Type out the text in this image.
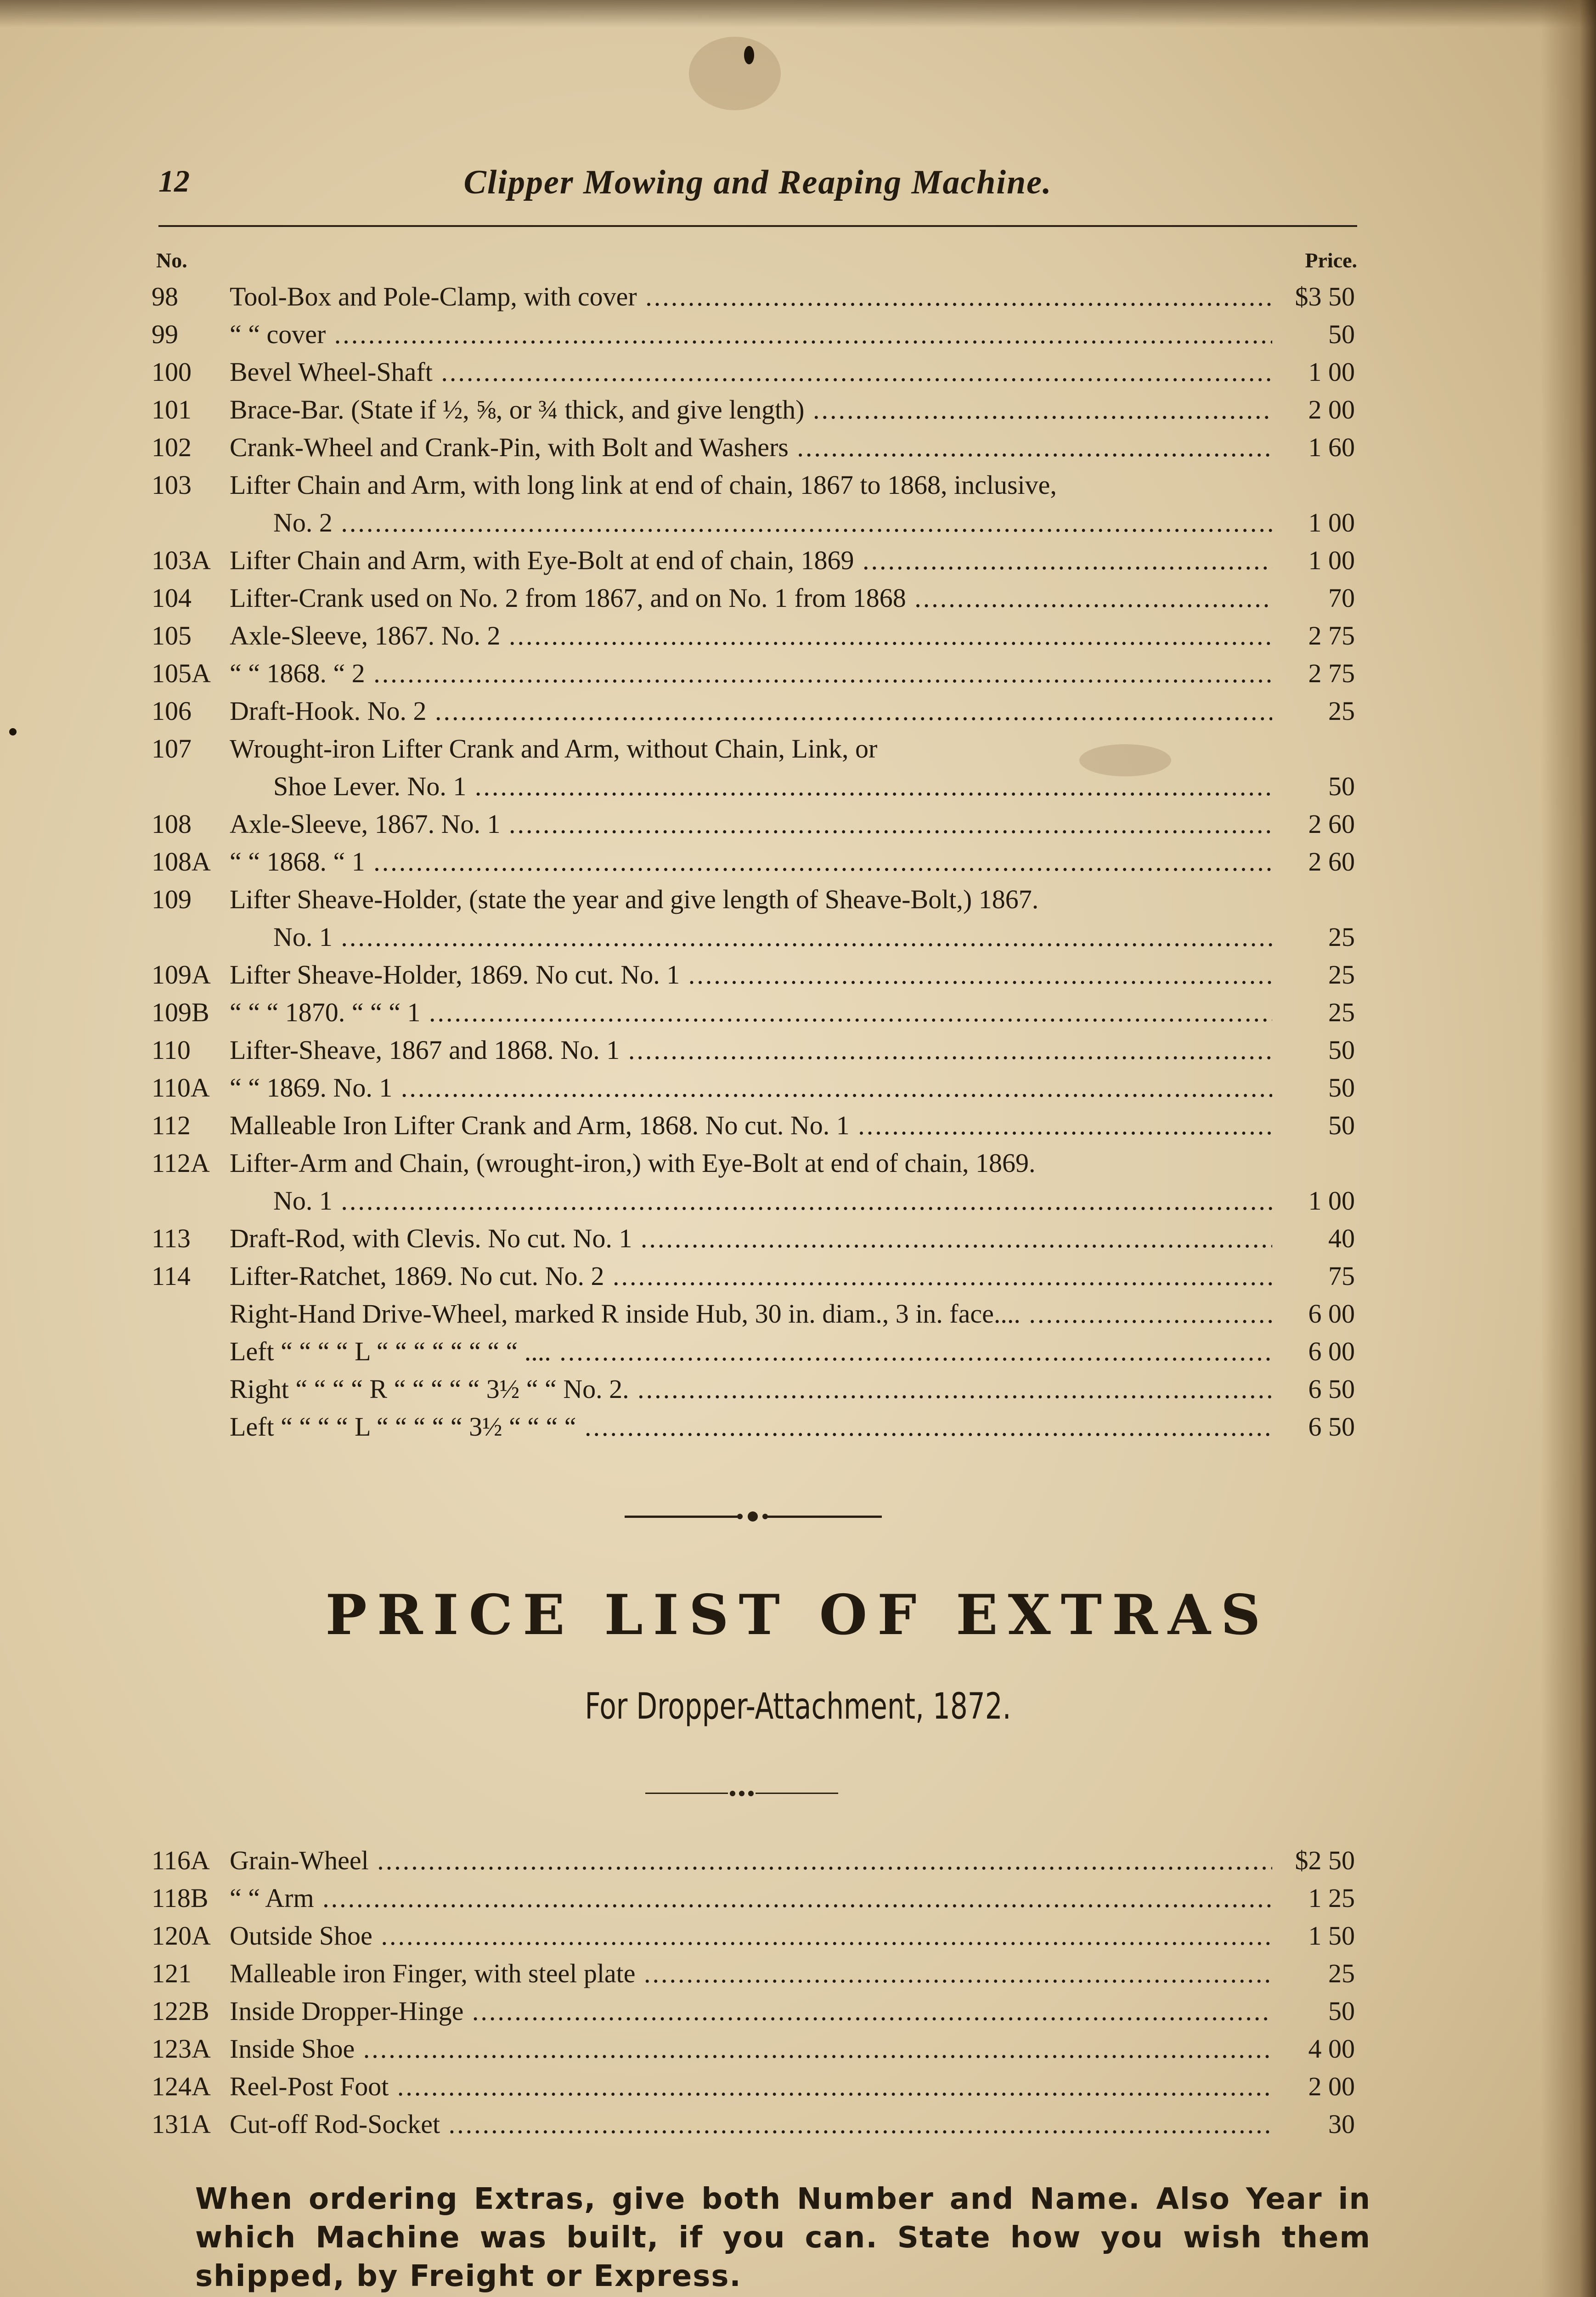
12	Clipper Mowing and Reaping Machine.
No.	Price.
98 Tool-Box and Pole-Clamp, with cover .....	$3 50
99 “ “ cover .....	50
100 Bevel Wheel-Shaft .....	1 00
101 Brace-Bar. (State if ½, ⅝, or ¾ thick, and give length) .....	2 00
102 Crank-Wheel and Crank-Pin, with Bolt and Washers .....	1 60
103 Lifter Chain and Arm, with long link at end of chain, 1867 to 1868, inclusive,
No. 2 .....	1 00
103A Lifter Chain and Arm, with Eye-Bolt at end of chain, 1869 .....	1 00
104 Lifter-Crank used on No. 2 from 1867, and on No. 1 from 1868 .....	70
105 Axle-Sleeve, 1867. No. 2 .....	2 75
105A “ “ 1868. “ 2 .....	2 75
106 Draft-Hook. No. 2 .....	25
107 Wrought-iron Lifter Crank and Arm, without Chain, Link, or
Shoe Lever. No. 1 .....	50
108 Axle-Sleeve, 1867. No. 1 .....	2 60
108A “ “ 1868. “ 1 .....	2 60
109 Lifter Sheave-Holder, (state the year and give length of Sheave-Bolt,) 1867.
No. 1 .....	25
109A Lifter Sheave-Holder, 1869. No cut. No. 1 .....	25
109B “ “ “ 1870. “ “ “ 1 .....	25
110 Lifter-Sheave, 1867 and 1868. No. 1 .....	50
110A “ “ 1869. No. 1 .....	50
112 Malleable Iron Lifter Crank and Arm, 1868. No cut. No. 1 .....	50
112A Lifter-Arm and Chain, (wrought-iron,) with Eye-Bolt at end of chain, 1869.
No. 1 .....	1 00
113 Draft-Rod, with Clevis. No cut. No. 1 .....	40
114 Lifter-Ratchet, 1869. No cut. No. 2 .....	75
Right-Hand Drive-Wheel, marked R inside Hub, 30 in. diam., 3 in. face.... .....	6 00
Left “ “ “ “ L “ “ “ “ “ “ “ “ .... .....	6 00
Right “ “ “ “ R “ “ “ “ “ 3½ “ “ No. 2. .....	6 50
Left “ “ “ “ L “ “ “ “ “ 3½ “ “ “ “ .....	6 50
PRICE LIST OF EXTRAS
For Dropper-Attachment, 1872.
116A Grain-Wheel .....	$2 50
118B “ “ Arm .....	1 25
120A Outside Shoe .....	1 50
121 Malleable iron Finger, with steel plate .....	25
122B Inside Dropper-Hinge .....	50
123A Inside Shoe .....	4 00
124A Reel-Post Foot .....	2 00
131A Cut-off Rod-Socket .....	30
When ordering Extras, give both Number and Name. Also Year in
which Machine was built, if you can. State how you wish them
shipped, by Freight or Express.
